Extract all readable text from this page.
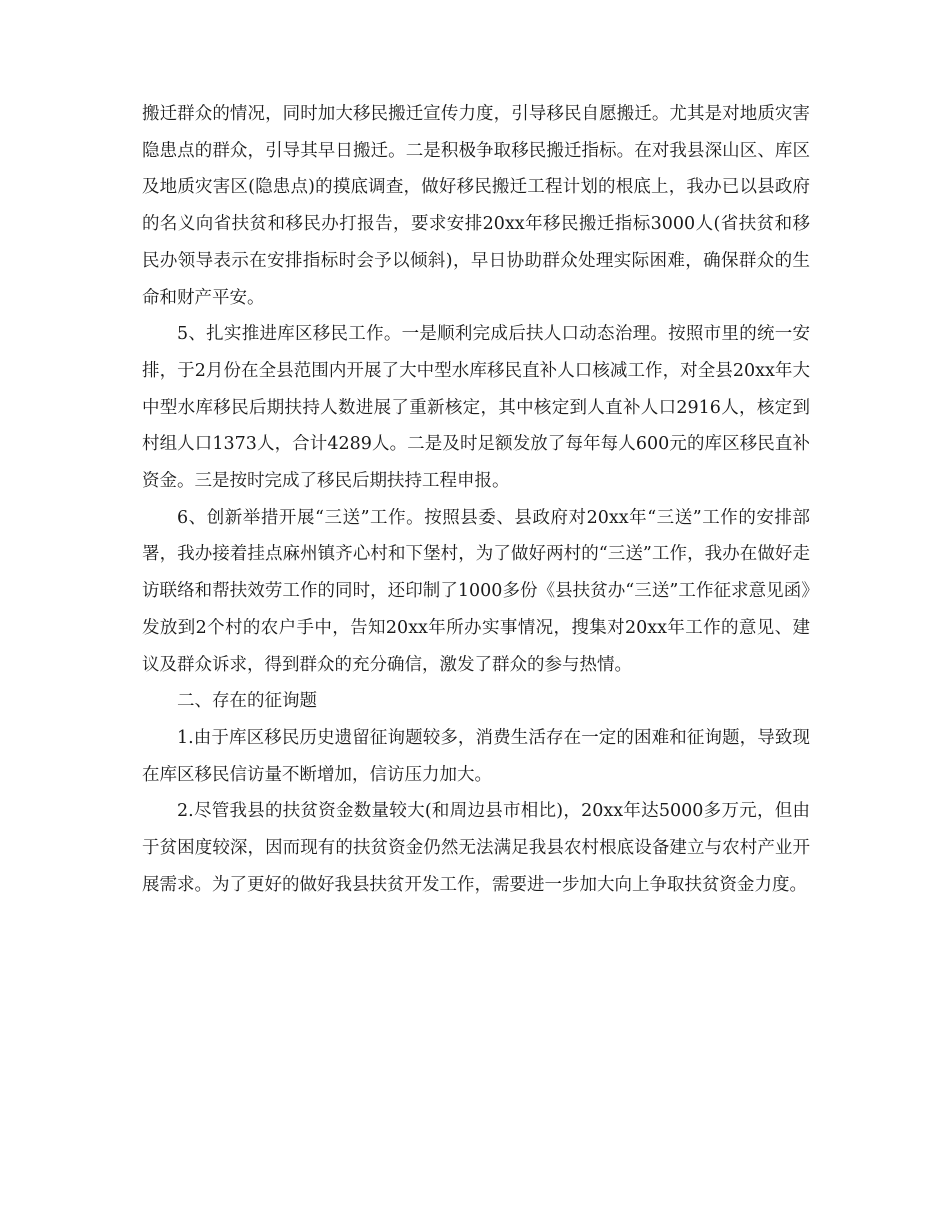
搬迁群众的情况，同时加大移民搬迁宣传力度，引导移民自愿搬迁。尤其是对地质灾害隐患点的群众，引导其早日搬迁。二是积极争取移民搬迁指标。在对我县深山区、库区及地质灾害区(隐患点)的摸底调查，做好移民搬迁工程计划的根底上，我办已以县政府的名义向省扶贫和移民办打报告，要求安排20xx年移民搬迁指标3000人(省扶贫和移民办领导表示在安排指标时会予以倾斜)，早日协助群众处理实际困难，确保群众的生命和财产平安。

5、扎实推进库区移民工作。一是顺利完成后扶人口动态治理。按照市里的统一安排，于2月份在全县范围内开展了大中型水库移民直补人口核减工作，对全县20xx年大中型水库移民后期扶持人数进展了重新核定，其中核定到人直补人口2916人，核定到村组人口1373人，合计4289人。二是及时足额发放了每年每人600元的库区移民直补资金。三是按时完成了移民后期扶持工程申报。

6、创新举措开展“三送”工作。按照县委、县政府对20xx年“三送”工作的安排部署，我办接着挂点麻州镇齐心村和下堡村，为了做好两村的“三送”工作，我办在做好走访联络和帮扶效劳工作的同时，还印制了1000多份《县扶贫办“三送”工作征求意见函》发放到2个村的农户手中，告知20xx年所办实事情况，搜集对20xx年工作的意见、建议及群众诉求，得到群众的充分确信，激发了群众的参与热情。

二、存在的征询题

1.由于库区移民历史遗留征询题较多，消费生活存在一定的困难和征询题，导致现在库区移民信访量不断增加，信访压力加大。

2.尽管我县的扶贫资金数量较大(和周边县市相比)，20xx年达5000多万元，但由于贫困度较深，因而现有的扶贫资金仍然无法满足我县农村根底设备建立与农村产业开展需求。为了更好的做好我县扶贫开发工作，需要进一步加大向上争取扶贫资金力度。
